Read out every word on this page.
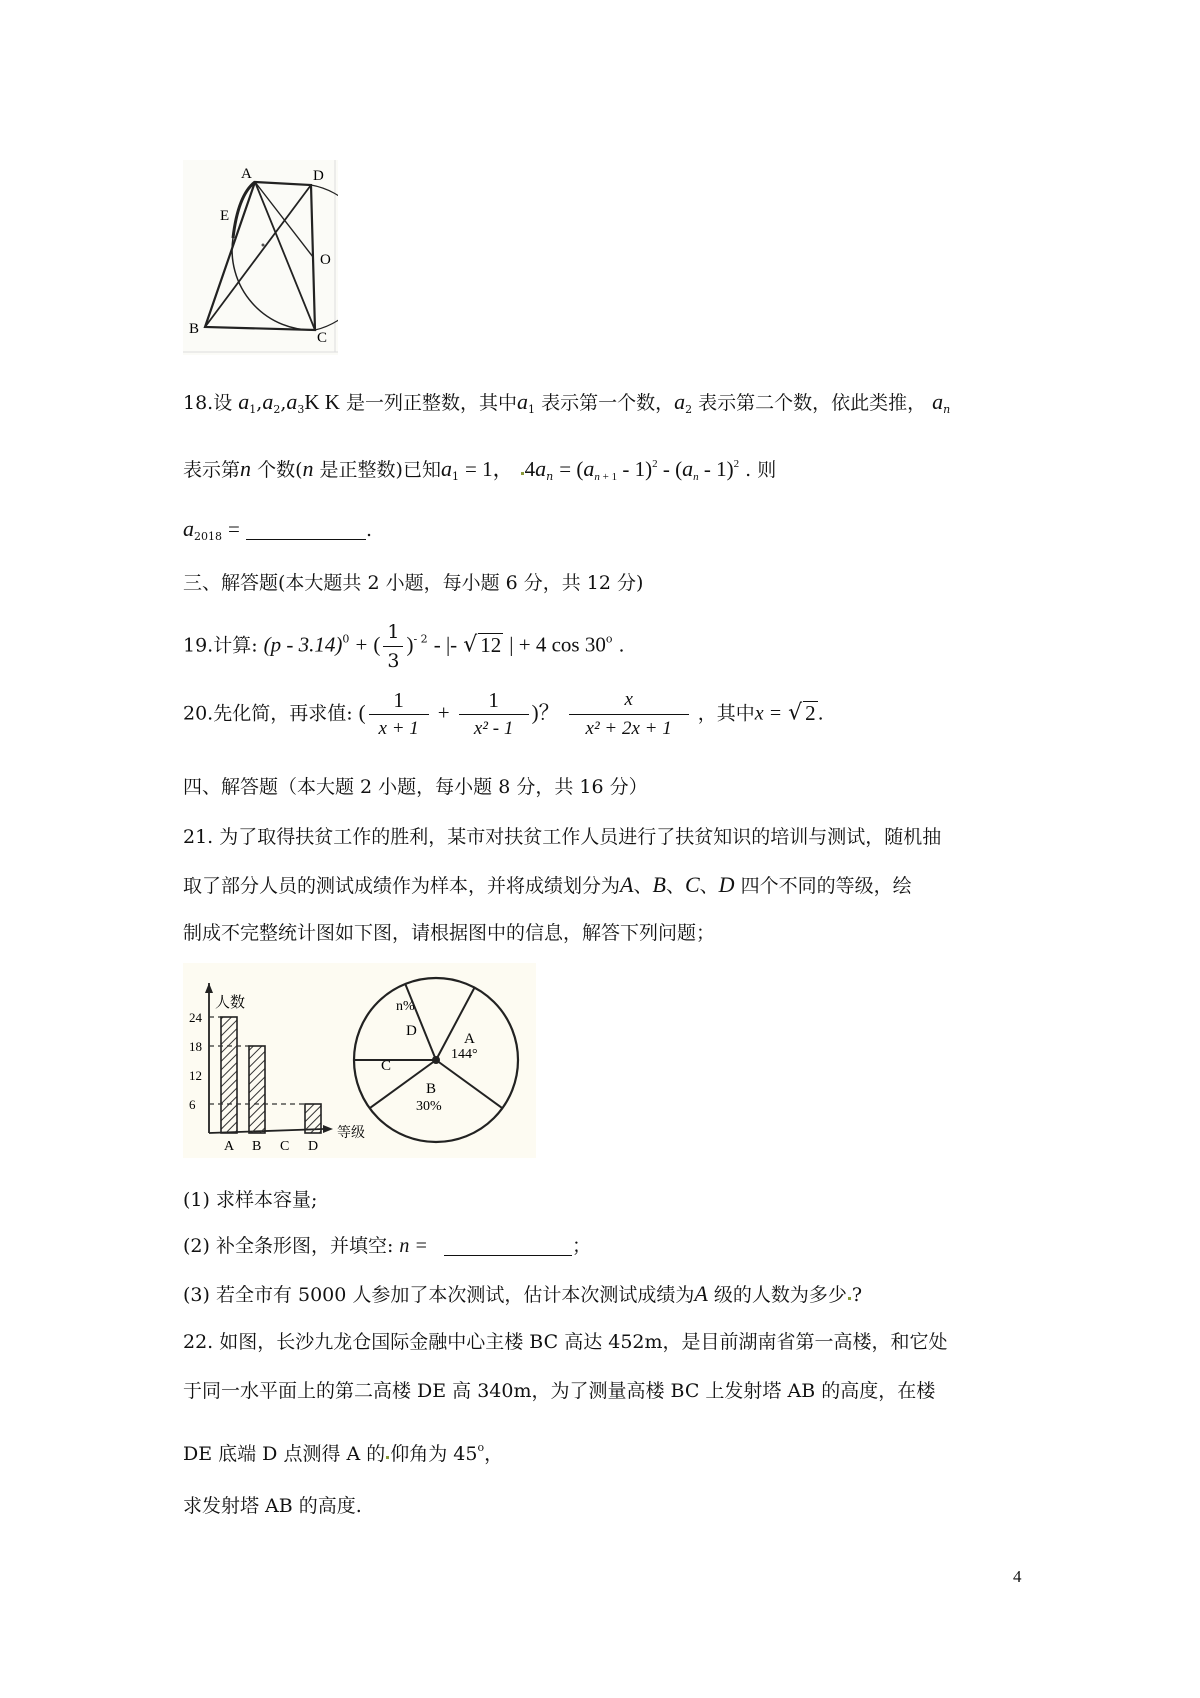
A	D
E
O
B
C
18.设 $a_1,a_2,a_3K$ K 是一列正整数，其中$a_1$ 表示第一个数，$a_2$ 表示第二个数，依此类推， $a_n$
表示第n 个数(n 是正整数)已知$a_1 = 1$， $4a_n = (a_{n + 1} - 1)^2 - (a_n - 1)^2$ . 则
$a_{2018}$ =	.
三、解答题(本大题共 2 小题，每小题 6 分，共 12 分)
19.计算: (p - 3.14)$^0$ + ( $\frac{1}{3} )^{- 2}$ - |- √ 12 | + 4 cos 30$^o$ .
20.先化简，再求值: ( $\frac{1}{x + 1} + \frac{1}{\text{x² - 1}}$ )？ $\frac{x}{\text{x² + 2x + 1}}$ ，其中x = √ 2 .
四、解答题（本大题 2 小题，每小题 8 分，共 16 分）
21. 为了取得扶贫工作的胜利，某市对扶贫工作人员进行了扶贫知识的培训与测试，随机抽
取了部分人员的测试成绩作为样本，并将成绩划分为A、B、C、D 四个不同的等级，绘
制成不完整统计图如下图，请根据图中的信息，解答下列问题；
人数
等级
24
18
12
6
A B C D
A
B
C
D
144°
30%
n%
(1) 求样本容量;
(2) 补全条形图，并填空: n =	；
(3) 若全市有 5000 人参加了本次测试，估计本次测试成绩为A 级的人数为多少 ?
22. 如图，长沙九龙仓国际金融中心主楼 BC 高达 452m，是目前湖南省第一高楼，和它处
于同一水平面上的第二高楼 DE 高 340m，为了测量高楼 BC 上发射塔 AB 的高度，在楼
DE 底端 D 点测得 A 的 仰角为 45$^o$，
求发射塔 AB 的高度.
4
